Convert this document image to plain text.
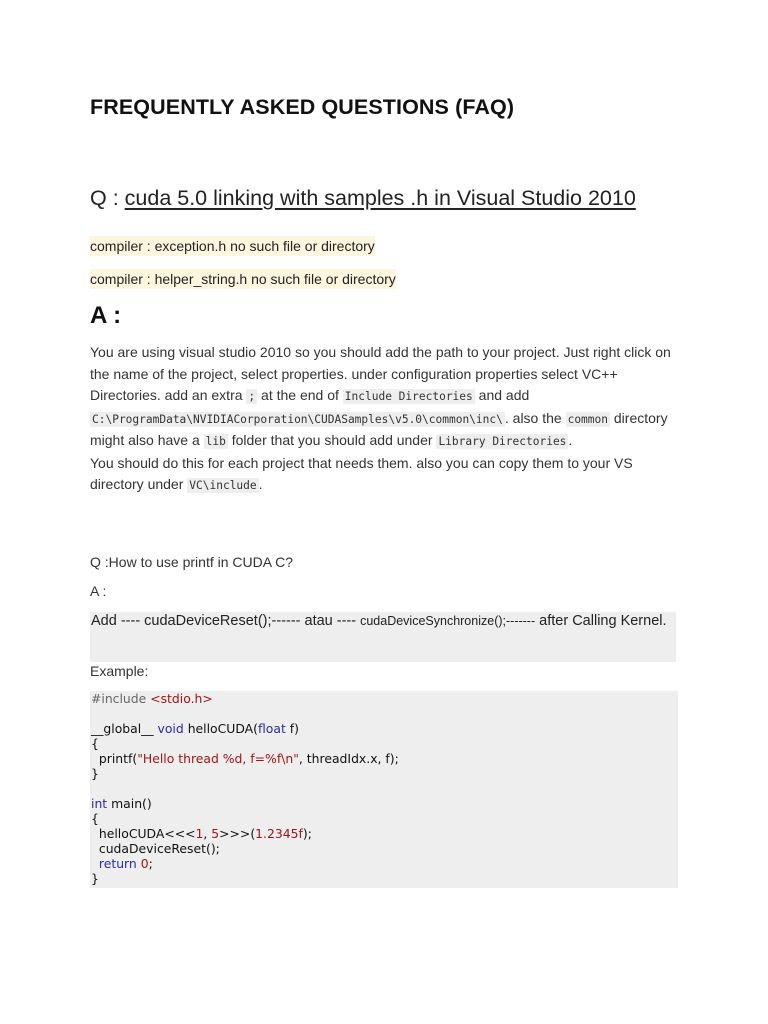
FREQUENTLY ASKED QUESTIONS (FAQ)
Q : cuda 5.0 linking with samples .h in Visual Studio 2010
compiler : exception.h no such file or directory
compiler : helper_string.h no such file or directory
A :

You are using visual studio 2010 so you should add the path to your project. Just right click on the name of the project, select properties. under configuration properties select VC++ Directories. add an extra ; at the end of Include Directories and add C:\ProgramData\NVIDIACorporation\CUDASamples\v5.0\common\inc\ . also the common directory might also have a lib folder that you should add under Library Directories .

You should do this for each project that needs them. also you can copy them to your VS directory under VC\include .

Q :How to use printf in CUDA C?
A :
Add ---- cudaDeviceReset();------ atau ---- cudaDeviceSynchronize();------- after Calling Kernel.
Example:
#include <stdio.h>
__global__ void helloCUDA(float f)
{
printf("Hello thread %d, f=%f\n", threadIdx.x, f);
}
int main()
{
helloCUDA<<<1, 5>>>(1.2345f);
cudaDeviceReset();
return 0;
}
